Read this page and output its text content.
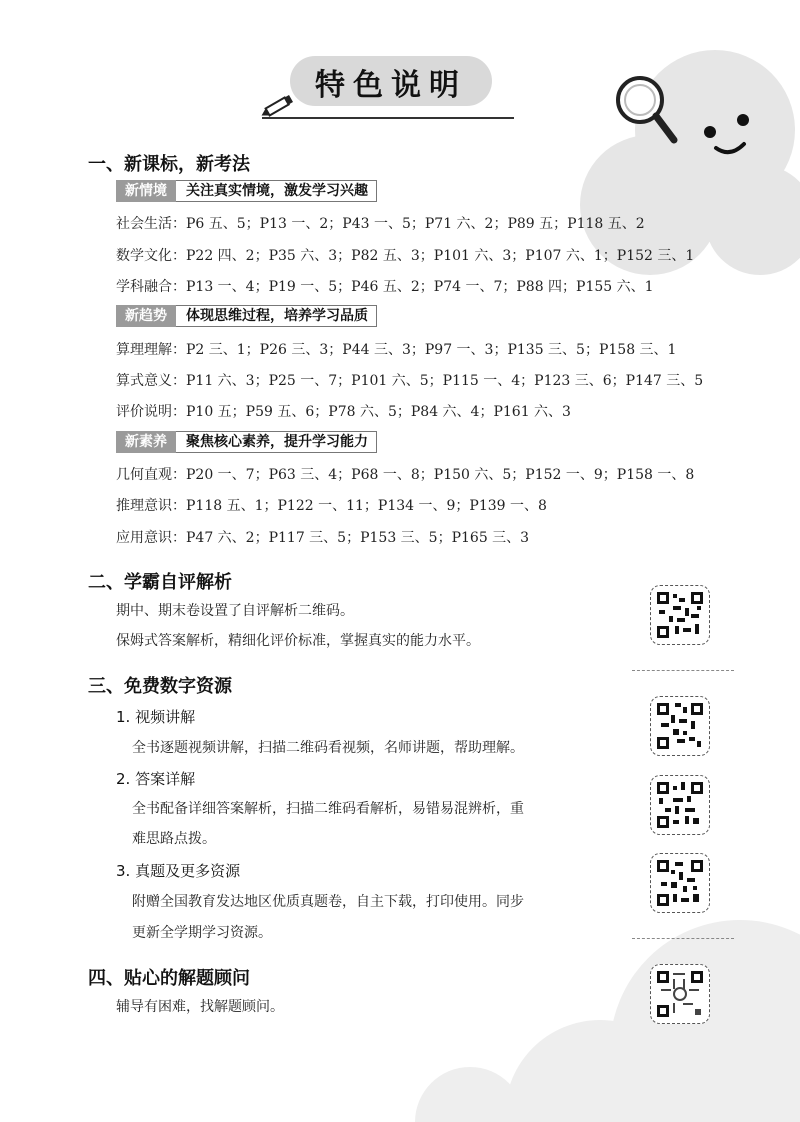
特色说明
一、新课标，新考法
新情境	关注真实情境，激发学习兴趣
社会生活：P6 五、5；P13 一、2；P43 一、5；P71 六、2；P89 五；P118 五、2
数学文化：P22 四、2；P35 六、3；P82 五、3；P101 六、3；P107 六、1；P152 三、1
学科融合：P13 一、4；P19 一、5；P46 五、2；P74 一、7；P88 四；P155 六、1
新趋势	体现思维过程，培养学习品质
算理理解：P2 三、1；P26 三、3；P44 三、3；P97 一、3；P135 三、5；P158 三、1
算式意义：P11 六、3；P25 一、7；P101 六、5；P115 一、4；P123 三、6；P147 三、5
评价说明：P10 五；P59 五、6；P78 六、5；P84 六、4；P161 六、3
新素养	聚焦核心素养，提升学习能力
几何直观：P20 一、7；P63 三、4；P68 一、8；P150 六、5；P152 一、9；P158 一、8
推理意识：P118 五、1；P122 一、11；P134 一、9；P139 一、8
应用意识：P47 六、2；P117 三、5；P153 三、5；P165 三、3
二、学霸自评解析
期中、期末卷设置了自评解析二维码。
保姆式答案解析，精细化评价标准，掌握真实的能力水平。
三、免费数字资源
1. 视频讲解
全书逐题视频讲解，扫描二维码看视频，名师讲题，帮助理解。
2. 答案详解
全书配备详细答案解析，扫描二维码看解析，易错易混辨析，重
难思路点拨。
3. 真题及更多资源
附赠全国教育发达地区优质真题卷，自主下载，打印使用。同步
更新全学期学习资源。
四、贴心的解题顾问
辅导有困难，找解题顾问。
